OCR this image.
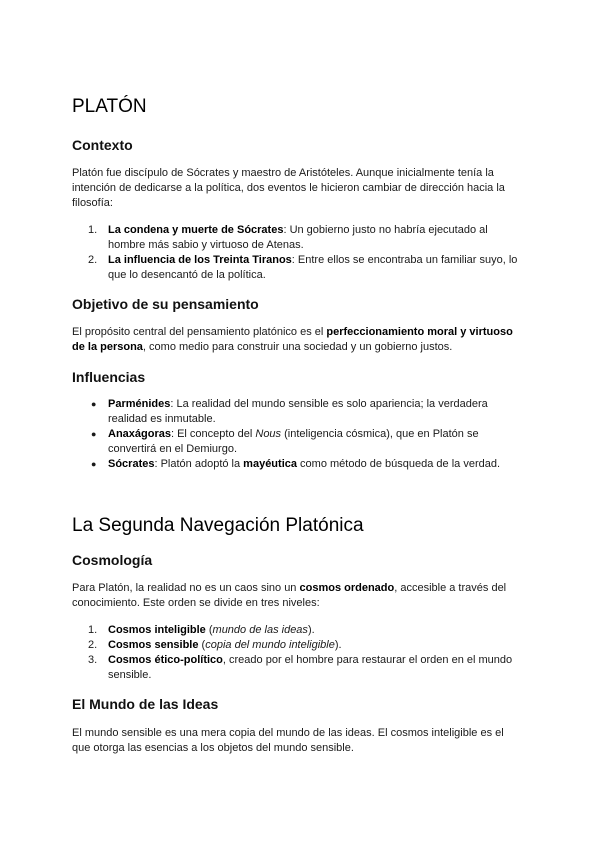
PLATÓN
Contexto

Platón fue discípulo de Sócrates y maestro de Aristóteles. Aunque inicialmente tenía la intención de dedicarse a la política, dos eventos le hicieron cambiar de dirección hacia la filosofía:

1. La condena y muerte de Sócrates: Un gobierno justo no habría ejecutado al hombre más sabio y virtuoso de Atenas.
2. La influencia de los Treinta Tiranos: Entre ellos se encontraba un familiar suyo, lo que lo desencantó de la política.
Objetivo de su pensamiento

El propósito central del pensamiento platónico es el perfeccionamiento moral y virtuoso de la persona, como medio para construir una sociedad y un gobierno justos.

Influencias
● Parménides: La realidad del mundo sensible es solo apariencia; la verdadera realidad es inmutable.
● Anaxágoras: El concepto del Nous (inteligencia cósmica), que en Platón se convertirá en el Demiurgo.
● Sócrates: Platón adoptó la mayéutica como método de búsqueda de la verdad.
La Segunda Navegación Platónica
Cosmología

Para Platón, la realidad no es un caos sino un cosmos ordenado, accesible a través del conocimiento. Este orden se divide en tres niveles:

1. Cosmos inteligible (mundo de las ideas).
2. Cosmos sensible (copia del mundo inteligible).
3. Cosmos ético-político, creado por el hombre para restaurar el orden en el mundo sensible.
El Mundo de las Ideas

El mundo sensible es una mera copia del mundo de las ideas. El cosmos inteligible es el que otorga las esencias a los objetos del mundo sensible.
